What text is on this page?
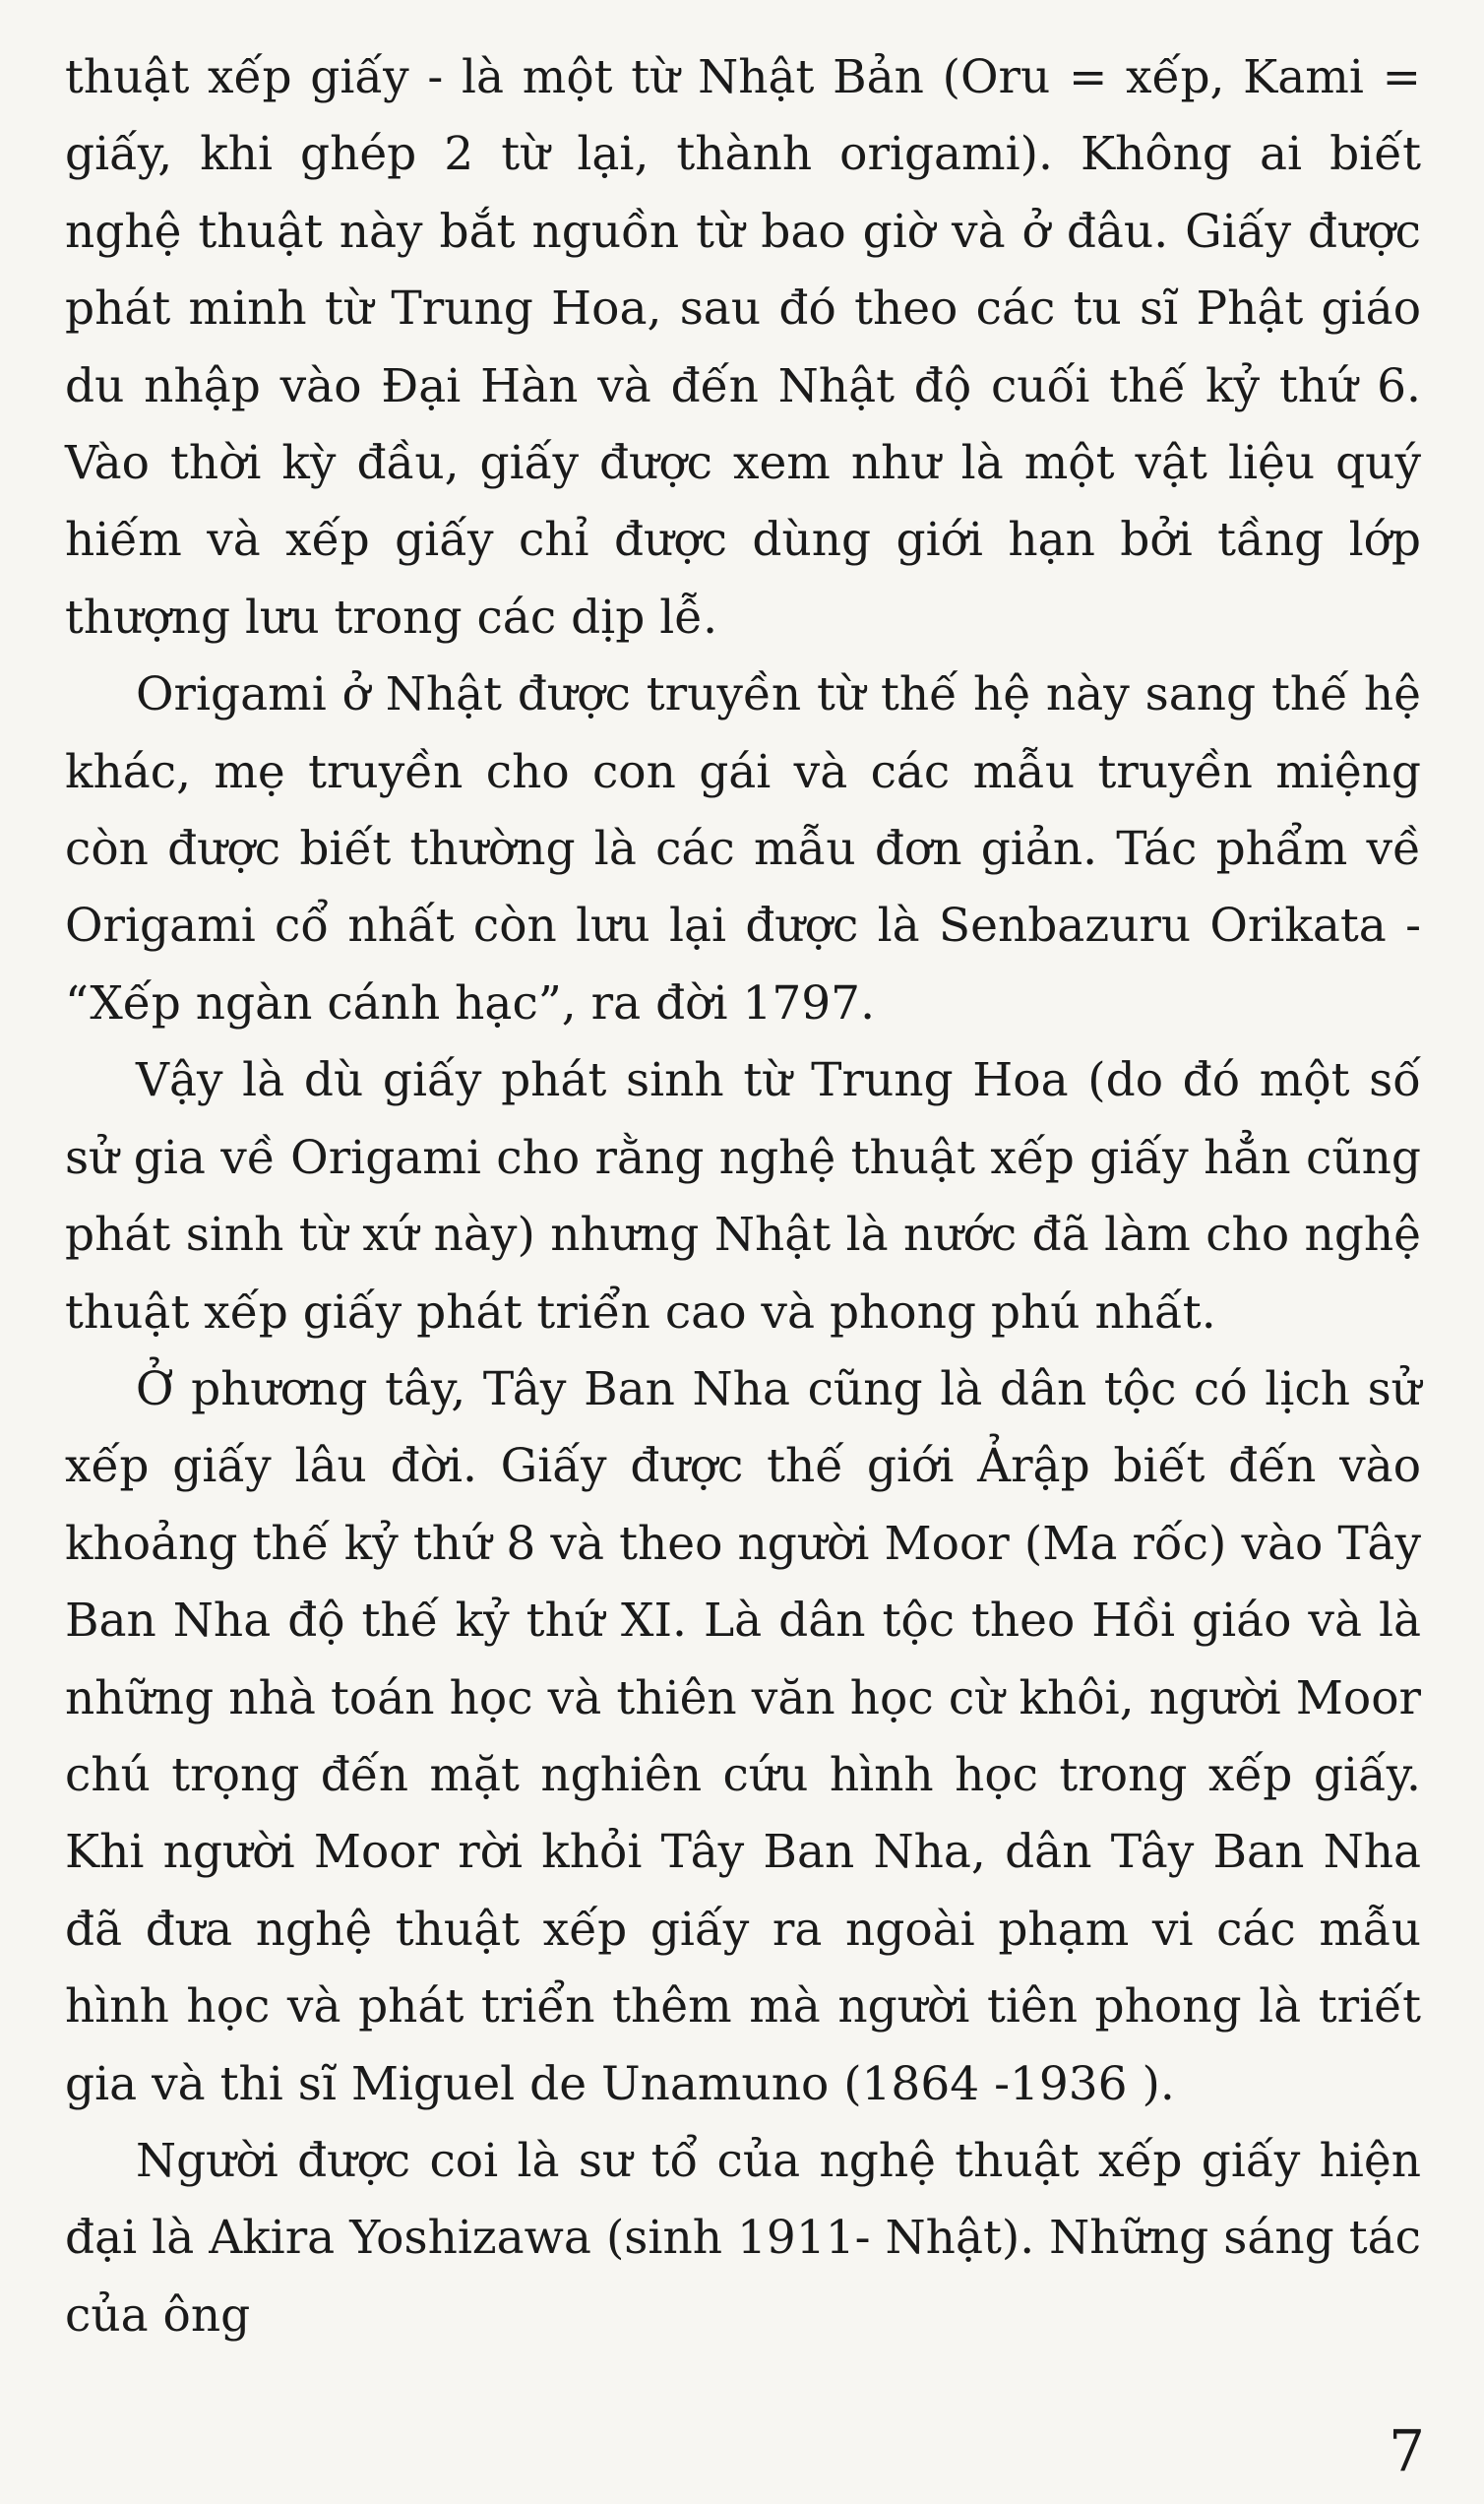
thuật xếp giấy - là một từ Nhật Bản (Oru = xếp, Kami = giấy, khi ghép 2 từ lại, thành origami). Không ai biết nghệ thuật này bắt nguồn từ bao giờ và ở đâu. Giấy được phát minh từ Trung Hoa, sau đó theo các tu sĩ Phật giáo du nhập vào Đại Hàn và đến Nhật độ cuối thế kỷ thứ 6. Vào thời kỳ đầu, giấy được xem như là một vật liệu quý hiếm và xếp giấy chỉ được dùng giới hạn bởi tầng lớp thượng lưu trong các dịp lễ.

Origami ở Nhật được truyền từ thế hệ này sang thế hệ khác, mẹ truyền cho con gái và các mẫu truyền miệng còn được biết thường là các mẫu đơn giản. Tác phẩm về Origami cổ nhất còn lưu lại được là Senbazuru Orikata - “Xếp ngàn cánh hạc”, ra đời 1797.

Vậy là dù giấy phát sinh từ Trung Hoa (do đó một số sử gia về Origami cho rằng nghệ thuật xếp giấy hẳn cũng phát sinh từ xứ này) nhưng Nhật là nước đã làm cho nghệ thuật xếp giấy phát triển cao và phong phú nhất.

Ở phương tây, Tây Ban Nha cũng là dân tộc có lịch sử xếp giấy lâu đời. Giấy được thế giới Ảrập biết đến vào khoảng thế kỷ thứ 8 và theo người Moor (Ma rốc) vào Tây Ban Nha độ thế kỷ thứ XI. Là dân tộc theo Hồi giáo và là những nhà toán học và thiên văn học cừ khôi, người Moor chú trọng đến mặt nghiên cứu hình học trong xếp giấy. Khi người Moor rời khỏi Tây Ban Nha, dân Tây Ban Nha đã đưa nghệ thuật xếp giấy ra ngoài phạm vi các mẫu hình học và phát triển thêm mà người tiên phong là triết gia và thi sĩ Miguel de Unamuno (1864 -1936 ).

Người được coi là sư tổ của nghệ thuật xếp giấy hiện đại là Akira Yoshizawa (sinh 1911- Nhật). Những sáng tác của ông

7
